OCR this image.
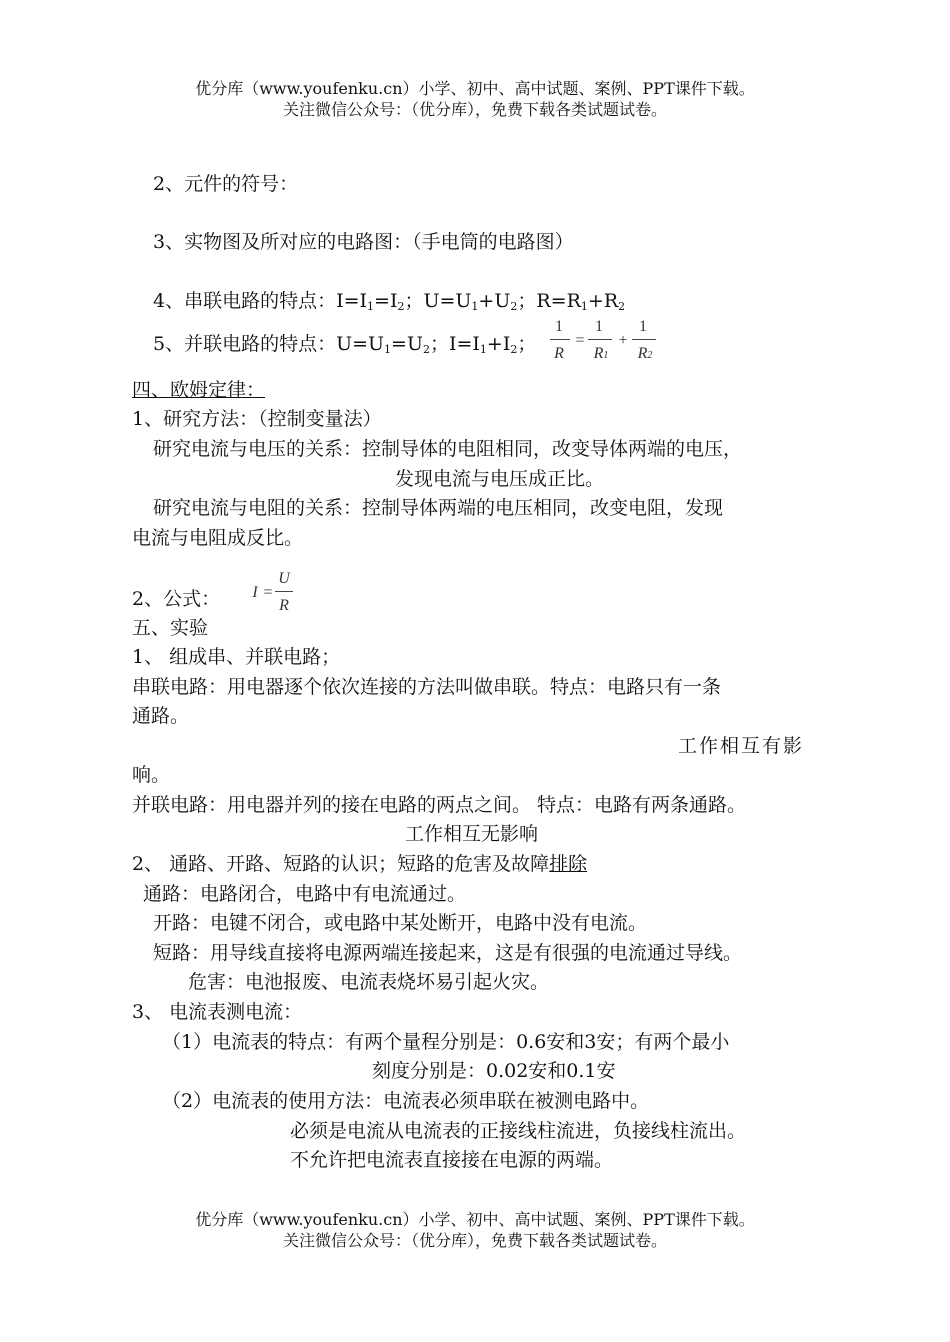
优分库（www.youfenku.cn）小学、初中、高中试题、案例、PPT课件下载。
关注微信公众号：（优分库），免费下载各类试题试卷。
2、元件的符号：
3、实物图及所对应的电路图：（手电筒的电路图）
4、串联电路的特点：$I=I_1=I_2$；$U=U_1+U_2$；$R=R_1+R_2$
5、并联电路的特点：$U=U_1=U_2$；$I=I_1+I_2$；
1
R
=
1
R1
+
1
R2
四、欧姆定律：
1、研究方法：（控制变量法）
研究电流与电压的关系：控制导体的电阻相同，改变导体两端的电压，
发现电流与电压成正比。
研究电流与电阻的关系：控制导体两端的电压相同，改变电阻，发现
电流与电阻成反比。
2、公式： I =
U
R
五、实验
1、 组成串、并联电路；
串联电路：用电器逐个依次连接的方法叫做串联。特点：电路只有一条
通路。
工作相互有影
响。
并联电路：用电器并列的接在电路的两点之间。 特点：电路有两条通路。
工作相互无影响
2、 通路、开路、短路的认识；短路的危害及故障排除
通路：电路闭合，电路中有电流通过。
开路：电键不闭合，或电路中某处断开，电路中没有电流。
短路：用导线直接将电源两端连接起来，这是有很强的电流通过导线。
危害：电池报废、电流表烧坏易引起火灾。
3、 电流表测电流：
（1）电流表的特点：有两个量程分别是：0.6安和3安；有两个最小
刻度分别是：0.02安和0.1安
（2）电流表的使用方法：电流表必须串联在被测电路中。
必须是电流从电流表的正接线柱流进，负接线柱流出。
不允许把电流表直接接在电源的两端。
优分库（www.youfenku.cn）小学、初中、高中试题、案例、PPT课件下载。
关注微信公众号：（优分库），免费下载各类试题试卷。
